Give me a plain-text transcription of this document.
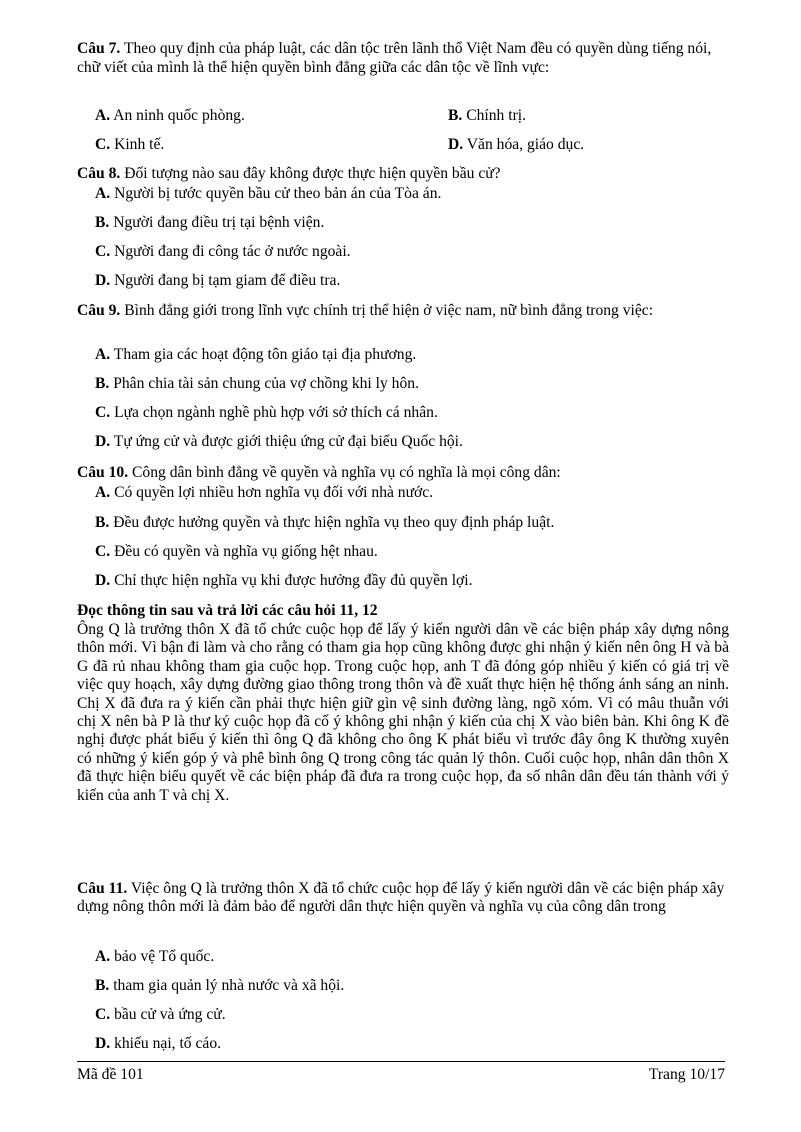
Câu 7. Theo quy định của pháp luật, các dân tộc trên lãnh thổ Việt Nam đều có quyền dùng tiếng nói, chữ viết của mình là thể hiện quyền bình đẳng giữa các dân tộc về lĩnh vực:
A. An ninh quốc phòng.	B. Chính trị.
C. Kinh tế.	D. Văn hóa, giáo dục.
Câu 8. Đối tượng nào sau đây không được thực hiện quyền bầu cử?
A. Người bị tước quyền bầu cử theo bản án của Tòa án.
B. Người đang điều trị tại bệnh viện.
C. Người đang đi công tác ở nước ngoài.
D. Người đang bị tạm giam để điều tra.
Câu 9. Bình đẳng giới trong lĩnh vực chính trị thể hiện ở việc nam, nữ bình đẳng trong việc:
A. Tham gia các hoạt động tôn giáo tại địa phương.
B. Phân chia tài sản chung của vợ chồng khi ly hôn.
C. Lựa chọn ngành nghề phù hợp với sở thích cá nhân.
D. Tự ứng cử và được giới thiệu ứng cử đại biểu Quốc hội.
Câu 10. Công dân bình đẳng về quyền và nghĩa vụ có nghĩa là mọi công dân:
A. Có quyền lợi nhiều hơn nghĩa vụ đối với nhà nước.
B. Đều được hưởng quyền và thực hiện nghĩa vụ theo quy định pháp luật.
C. Đều có quyền và nghĩa vụ giống hệt nhau.
D. Chỉ thực hiện nghĩa vụ khi được hưởng đầy đủ quyền lợi.
Đọc thông tin sau và trả lời các câu hỏi 11, 12
Ông Q là trưởng thôn X đã tổ chức cuộc họp để lấy ý kiến người dân về các biện pháp xây dựng nông thôn mới. Vì bận đi làm và cho rằng có tham gia họp cũng không được ghi nhận ý kiến nên ông H và bà G đã rủ nhau không tham gia cuộc họp. Trong cuộc họp, anh T đã đóng góp nhiều ý kiến có giá trị về việc quy hoạch, xây dựng đường giao thông trong thôn và đề xuất thực hiện hệ thống ánh sáng an ninh. Chị X đã đưa ra ý kiến cần phải thực hiện giữ gìn vệ sinh đường làng, ngõ xóm. Vì có mâu thuẫn với chị X nên bà P là thư ký cuộc họp đã cố ý không ghi nhận ý kiến của chị X vào biên bản. Khi ông K đề nghị được phát biểu ý kiến thì ông Q đã không cho ông K phát biểu vì trước đây ông K thường xuyên có những ý kiến góp ý và phê bình ông Q trong công tác quản lý thôn. Cuối cuộc họp, nhân dân thôn X đã thực hiện biểu quyết về các biện pháp đã đưa ra trong cuộc họp, đa số nhân dân đều tán thành với ý kiến của anh T và chị X.
Câu 11. Việc ông Q là trưởng thôn X đã tổ chức cuộc họp để lấy ý kiến người dân về các biện pháp xây dựng nông thôn mới là đảm bảo để người dân thực hiện quyền và nghĩa vụ của công dân trong
A. bảo vệ Tổ quốc.
B. tham gia quản lý nhà nước và xã hội.
C. bầu cử và ứng cử.
D. khiếu nại, tố cáo.
Mã đề 101	Trang 10/17
